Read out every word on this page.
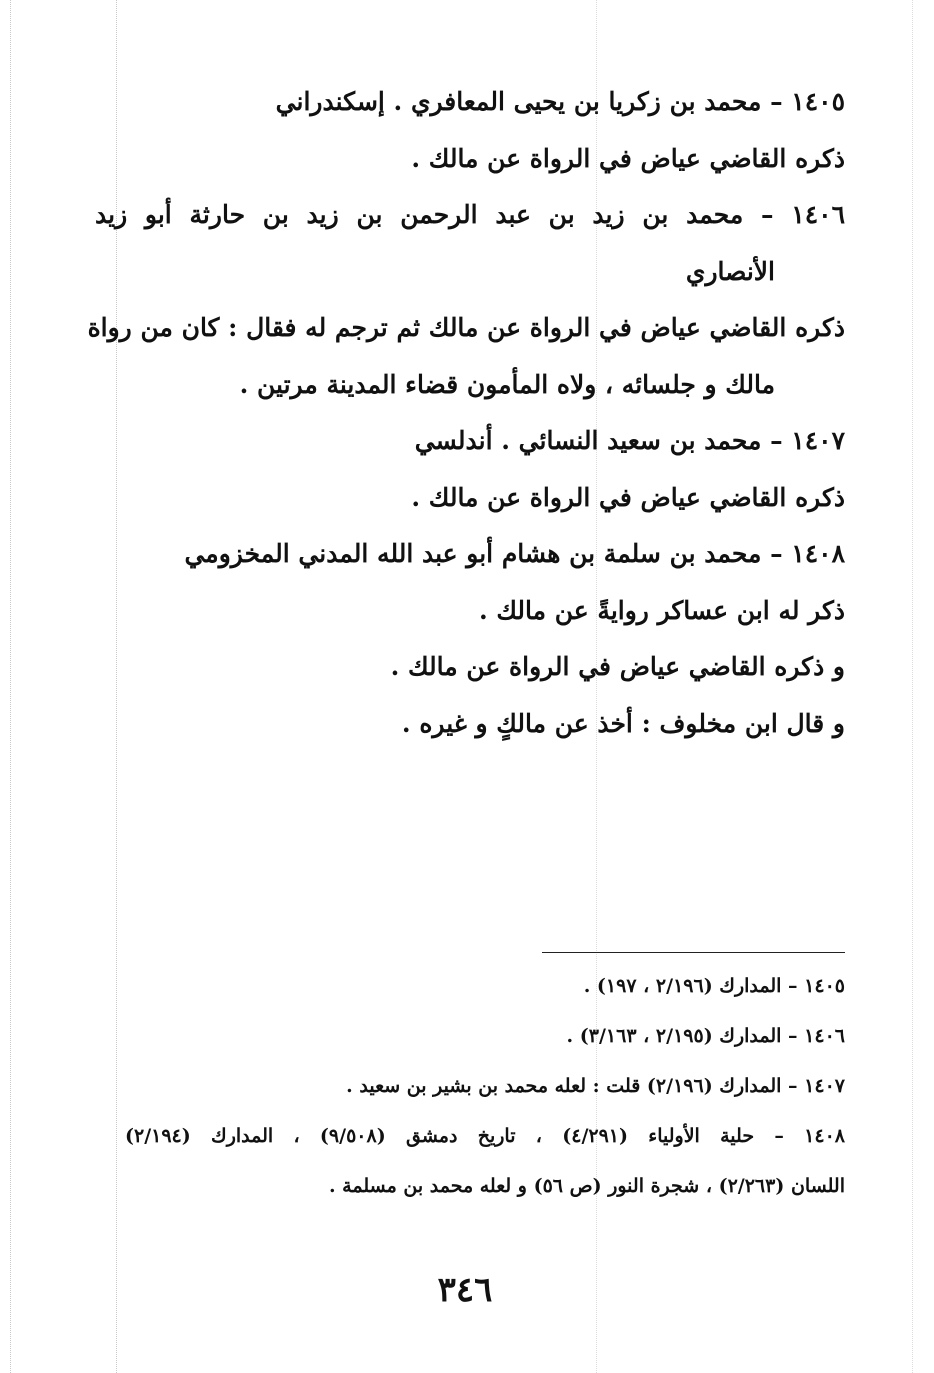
١٤٠٥ – محمد بن زكريا بن يحيى المعافري . إسكندراني
ذكره القاضي عياض في الرواة عن مالك .
١٤٠٦ – محمد بن زيد بن عبد الرحمن بن زيد بن حارثة أبو زيد
الأنصاري
ذكره القاضي عياض في الرواة عن مالك ثم ترجم له فقال : كان من رواة
مالك و جلسائه ، ولاه المأمون قضاء المدينة مرتين .
١٤٠٧ – محمد بن سعيد النسائي . أندلسي
ذكره القاضي عياض في الرواة عن مالك .
١٤٠٨ – محمد بن سلمة بن هشام أبو عبد الله المدني المخزومي
ذكر له ابن عساكر روايةً عن مالك .
و ذكره القاضي عياض في الرواة عن مالك .
و قال ابن مخلوف : أخذ عن مالكٍ و غيره .
١٤٠٥ – المدارك (٢/١٩٦ ، ١٩٧) .
١٤٠٦ – المدارك (٢/١٩٥ ، ٣/١٦٣) .
١٤٠٧ – المدارك (٢/١٩٦) قلت : لعله محمد بن بشير بن سعيد .
١٤٠٨ – حلية الأولياء (٤/٢٩١) ، تاريخ دمشق (٩/٥٠٨) ، المدارك (٢/١٩٤)
اللسان (٢/٢٦٣) ، شجرة النور (ص ٥٦) و لعله محمد بن مسلمة .
٣٤٦
